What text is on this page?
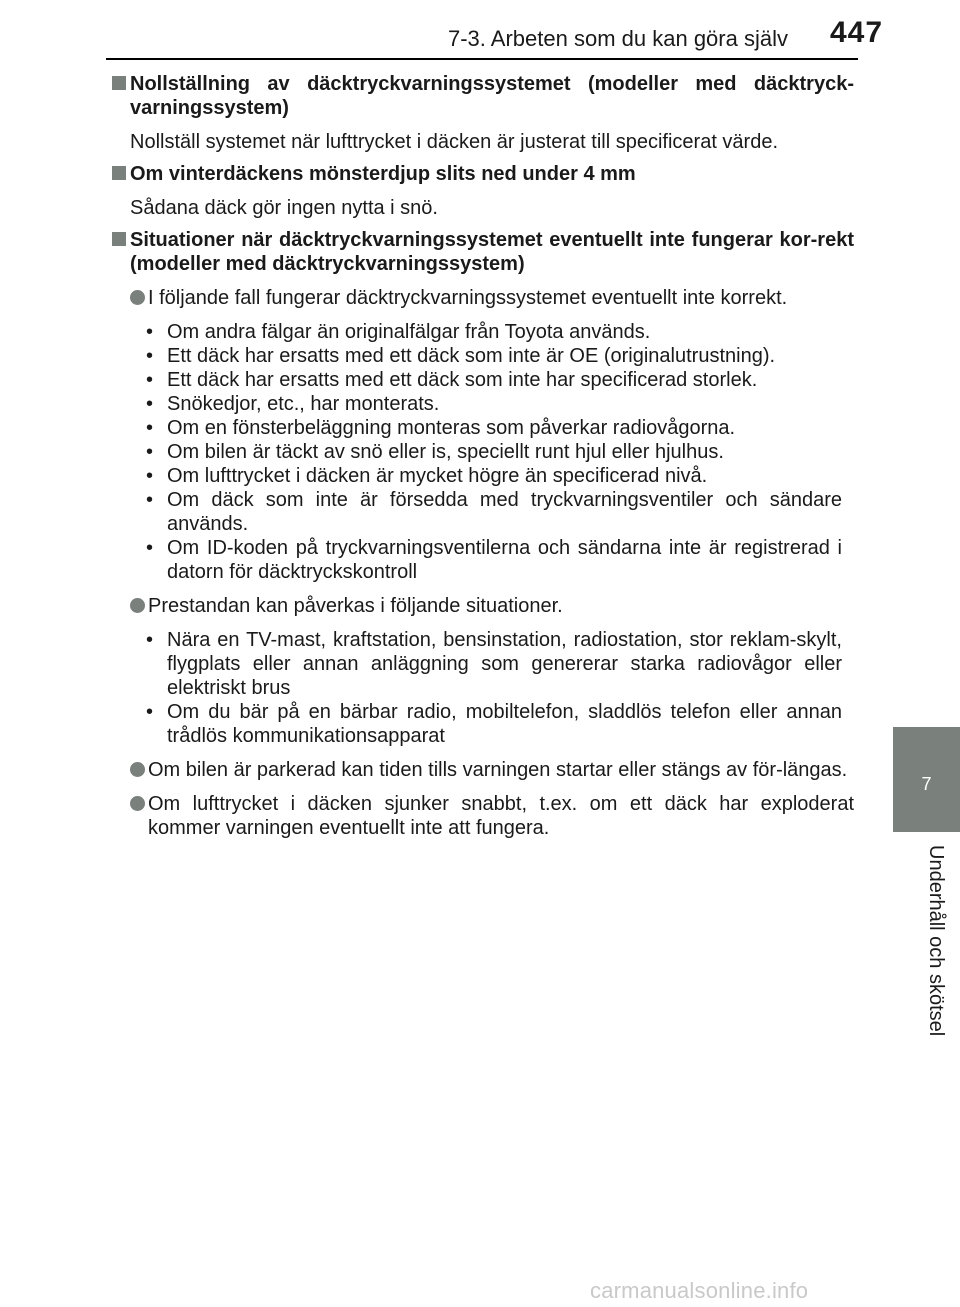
7-3. Arbeten som du kan göra själv 447
7
Underhåll och skötsel
Nollställning av däcktryckvarningssystemet (modeller med däcktryck-varningssystem)
Nollställ systemet när lufttrycket i däcken är justerat till specificerat värde.
Om vinterdäckens mönsterdjup slits ned under 4 mm
Sådana däck gör ingen nytta i snö.
Situationer när däcktryckvarningssystemet eventuellt inte fungerar kor-rekt (modeller med däcktryckvarningssystem)
I följande fall fungerar däcktryckvarningssystemet eventuellt inte korrekt.
• Om andra fälgar än originalfälgar från Toyota används.
• Ett däck har ersatts med ett däck som inte är OE (originalutrustning).
• Ett däck har ersatts med ett däck som inte har specificerad storlek.
• Snökedjor, etc., har monterats.
• Om en fönsterbeläggning monteras som påverkar radiovågorna.
• Om bilen är täckt av snö eller is, speciellt runt hjul eller hjulhus.
• Om lufttrycket i däcken är mycket högre än specificerad nivå.
• Om däck som inte är försedda med tryckvarningsventiler och sändare används.
• Om ID-koden på tryckvarningsventilerna och sändarna inte är registrerad i datorn för däcktryckskontroll
Prestandan kan påverkas i följande situationer.
• Nära en TV-mast, kraftstation, bensinstation, radiostation, stor reklam-skylt, flygplats eller annan anläggning som genererar starka radiovågor eller elektriskt brus
• Om du bär på en bärbar radio, mobiltelefon, sladdlös telefon eller annan trådlös kommunikationsapparat
Om bilen är parkerad kan tiden tills varningen startar eller stängs av för-längas.
Om lufttrycket i däcken sjunker snabbt, t.ex. om ett däck har exploderat kommer varningen eventuellt inte att fungera.
carmanualsonline.info
